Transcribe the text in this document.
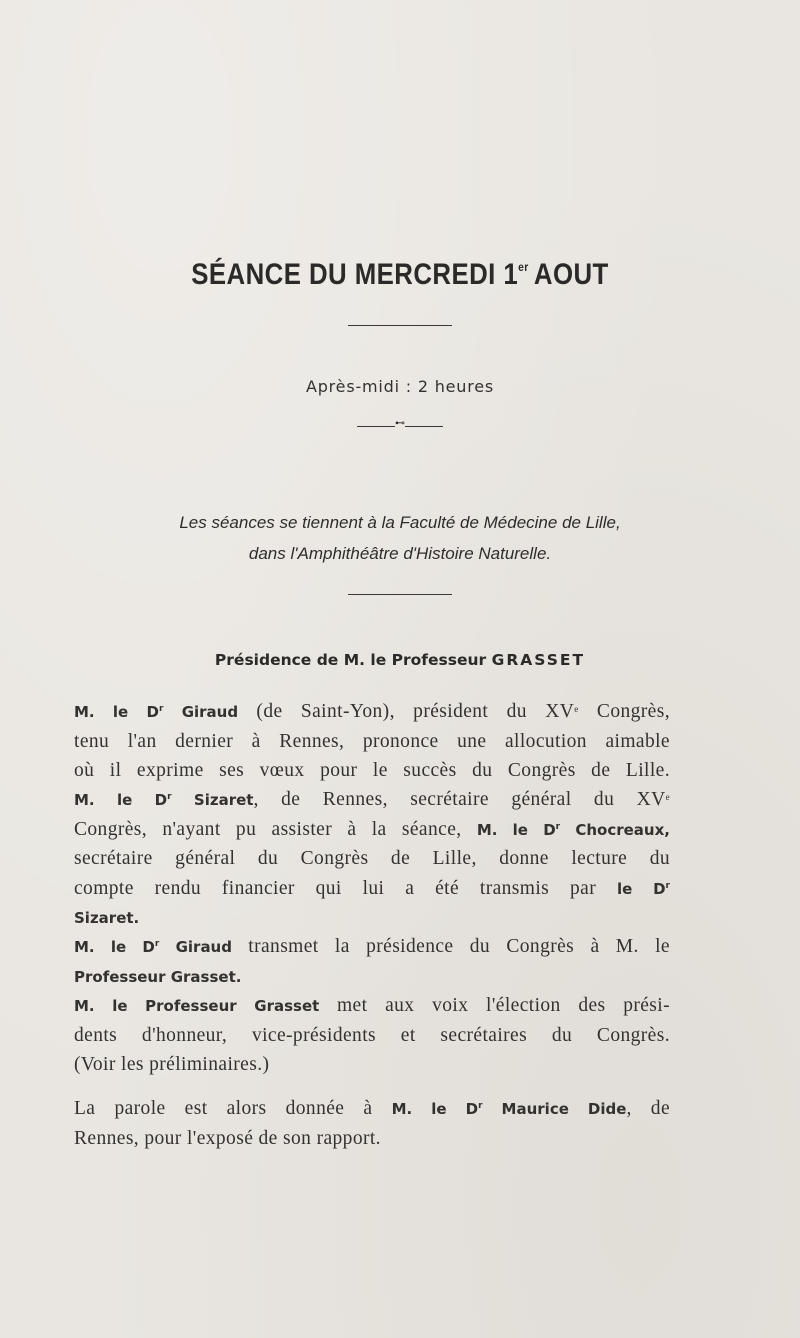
SÉANCE DU MERCREDI 1er AOUT
Après-midi : 2 heures
⊷
Les séances se tiennent à la Faculté de Médecine de Lille,
dans l'Amphithéâtre d'Histoire Naturelle.
Présidence de M. le Professeur GRASSET
M. le $D^r$ Giraud (de Saint-Yon), président du XVe Congrès,
tenu l'an dernier à Rennes, prononce une allocution aimable
où il exprime ses vœux pour le succès du Congrès de Lille.
M. le $D^r$ Sizaret, de Rennes, secrétaire général du XVe
Congrès, n'ayant pu assister à la séance, M. le $D^r$ Chocreaux,
secrétaire général du Congrès de Lille, donne lecture du
compte rendu financier qui lui a été transmis par le $D^r$
Sizaret.
M. le $D^r$ Giraud transmet la présidence du Congrès à M. le
Professeur Grasset.
M. le Professeur Grasset met aux voix l'élection des prési-
dents d'honneur, vice-présidents et secrétaires du Congrès.
(Voir les préliminaires.)
La parole est alors donnée à M. le $D^r$ Maurice Dide, de
Rennes, pour l'exposé de son rapport.
